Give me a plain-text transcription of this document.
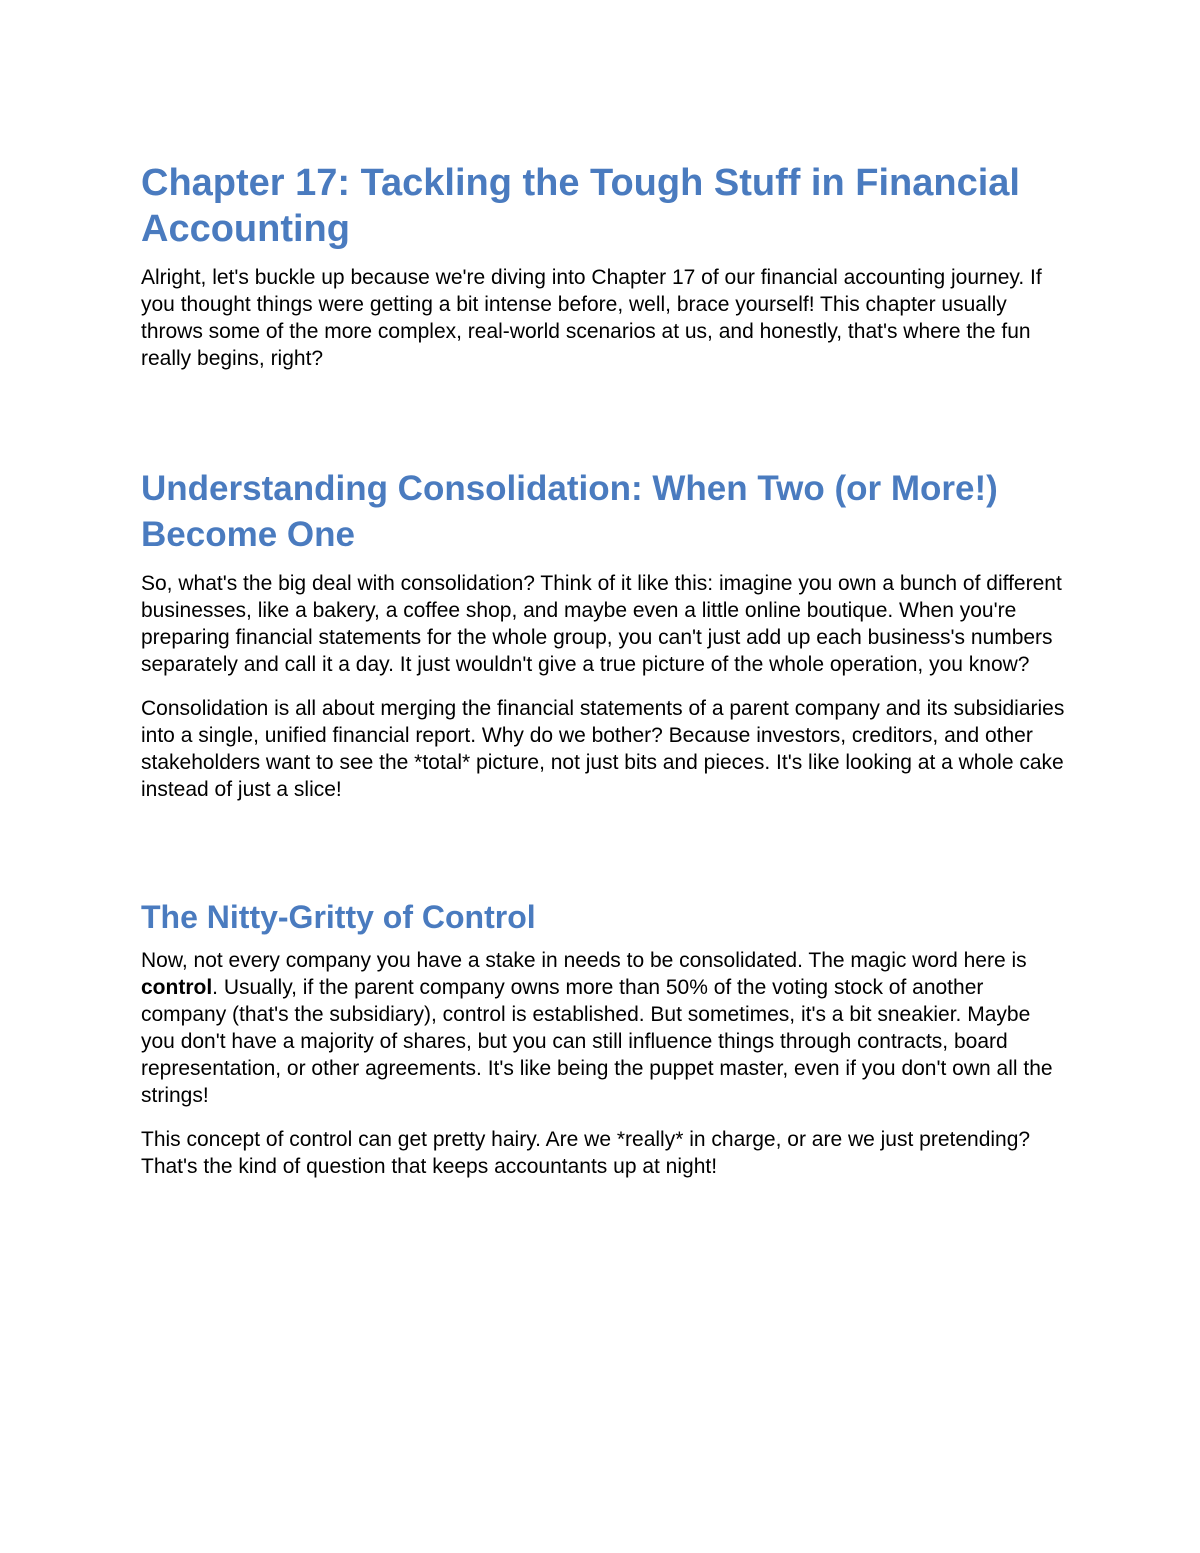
Chapter 17: Tackling the Tough Stuff in Financial Accounting

Alright, let's buckle up because we're diving into Chapter 17 of our financial accounting journey. If you thought things were getting a bit intense before, well, brace yourself! This chapter usually throws some of the more complex, real-world scenarios at us, and honestly, that's where the fun really begins, right?

Understanding Consolidation: When Two (or More!) Become One

So, what's the big deal with consolidation? Think of it like this: imagine you own a bunch of different businesses, like a bakery, a coffee shop, and maybe even a little online boutique. When you're preparing financial statements for the whole group, you can't just add up each business's numbers separately and call it a day. It just wouldn't give a true picture of the whole operation, you know?

Consolidation is all about merging the financial statements of a parent company and its subsidiaries into a single, unified financial report. Why do we bother? Because investors, creditors, and other stakeholders want to see the *total* picture, not just bits and pieces. It's like looking at a whole cake instead of just a slice!

The Nitty-Gritty of Control

Now, not every company you have a stake in needs to be consolidated. The magic word here is control. Usually, if the parent company owns more than 50% of the voting stock of another company (that's the subsidiary), control is established. But sometimes, it's a bit sneakier. Maybe you don't have a majority of shares, but you can still influence things through contracts, board representation, or other agreements. It's like being the puppet master, even if you don't own all the strings!

This concept of control can get pretty hairy. Are we *really* in charge, or are we just pretending? That's the kind of question that keeps accountants up at night!
